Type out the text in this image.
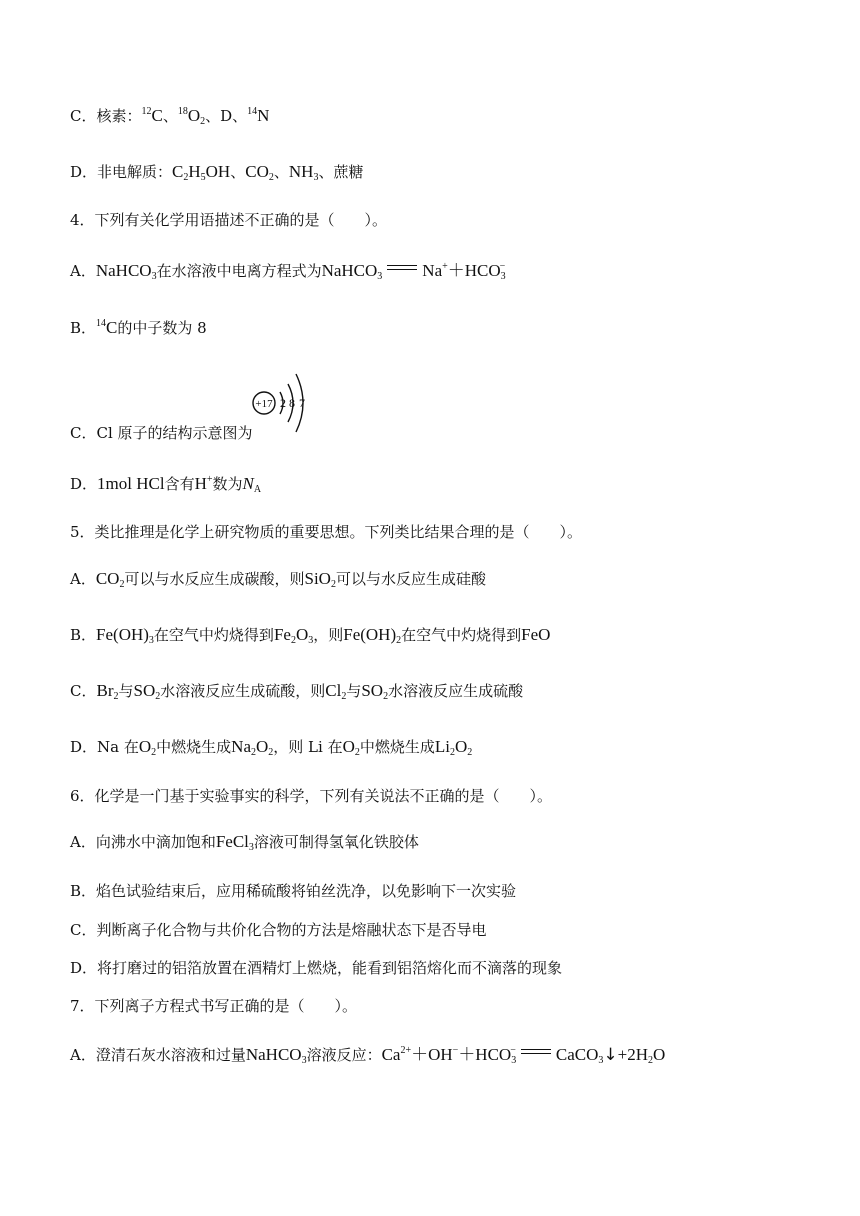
C．核素：$^{12}$C、$^{18}O_2$、D、$^{14}$N
D．非电解质：$C_2H_5OH$、$CO_2$、$NH_3$、蔗糖
4．下列有关化学用语描述不正确的是（　　）。
A．NaHCO$_3$在水溶液中电离方程式为NaHCO$_3$ $Na^++HCO_3^-$
B．$^{14}$C的中子数为 8
C．Cl 原子的结构示意图为
+17 2 8 7
D．1mol HCl含有H+数为$N_A$
5．类比推理是化学上研究物质的重要思想。下列类比结果合理的是（　　）。
A．$CO_2$可以与水反应生成碳酸，则SiO$_2$可以与水反应生成硅酸
B．$Fe(OH)_3$在空气中灼烧得到$Fe_2O_3$，则$Fe(OH)_2$在空气中灼烧得到FeO
C．$Br_2$与$SO_2$水溶液反应生成硫酸，则$Cl_2$与$SO_2$水溶液反应生成硫酸
D．Na 在$O_2$中燃烧生成$Na_2O_2$，则 Li 在$O_2$中燃烧生成$Li_2O_2$
6．化学是一门基于实验事实的科学，下列有关说法不正确的是（　　）。
A．向沸水中滴加饱和FeCl$_3$溶液可制得氢氧化铁胶体
B．焰色试验结束后，应用稀硫酸将铂丝洗净，以免影响下一次实验
C．判断离子化合物与共价化合物的方法是熔融状态下是否导电
D．将打磨过的铝箔放置在酒精灯上燃烧，能看到铝箔熔化而不滴落的现象
7．下列离子方程式书写正确的是（　　）。
A．澄清石灰水溶液和过量NaHCO$_3$溶液反应：$Ca^{2+}+OH^-+HCO_3^-$ $CaCO_3↓+2H_2O$
